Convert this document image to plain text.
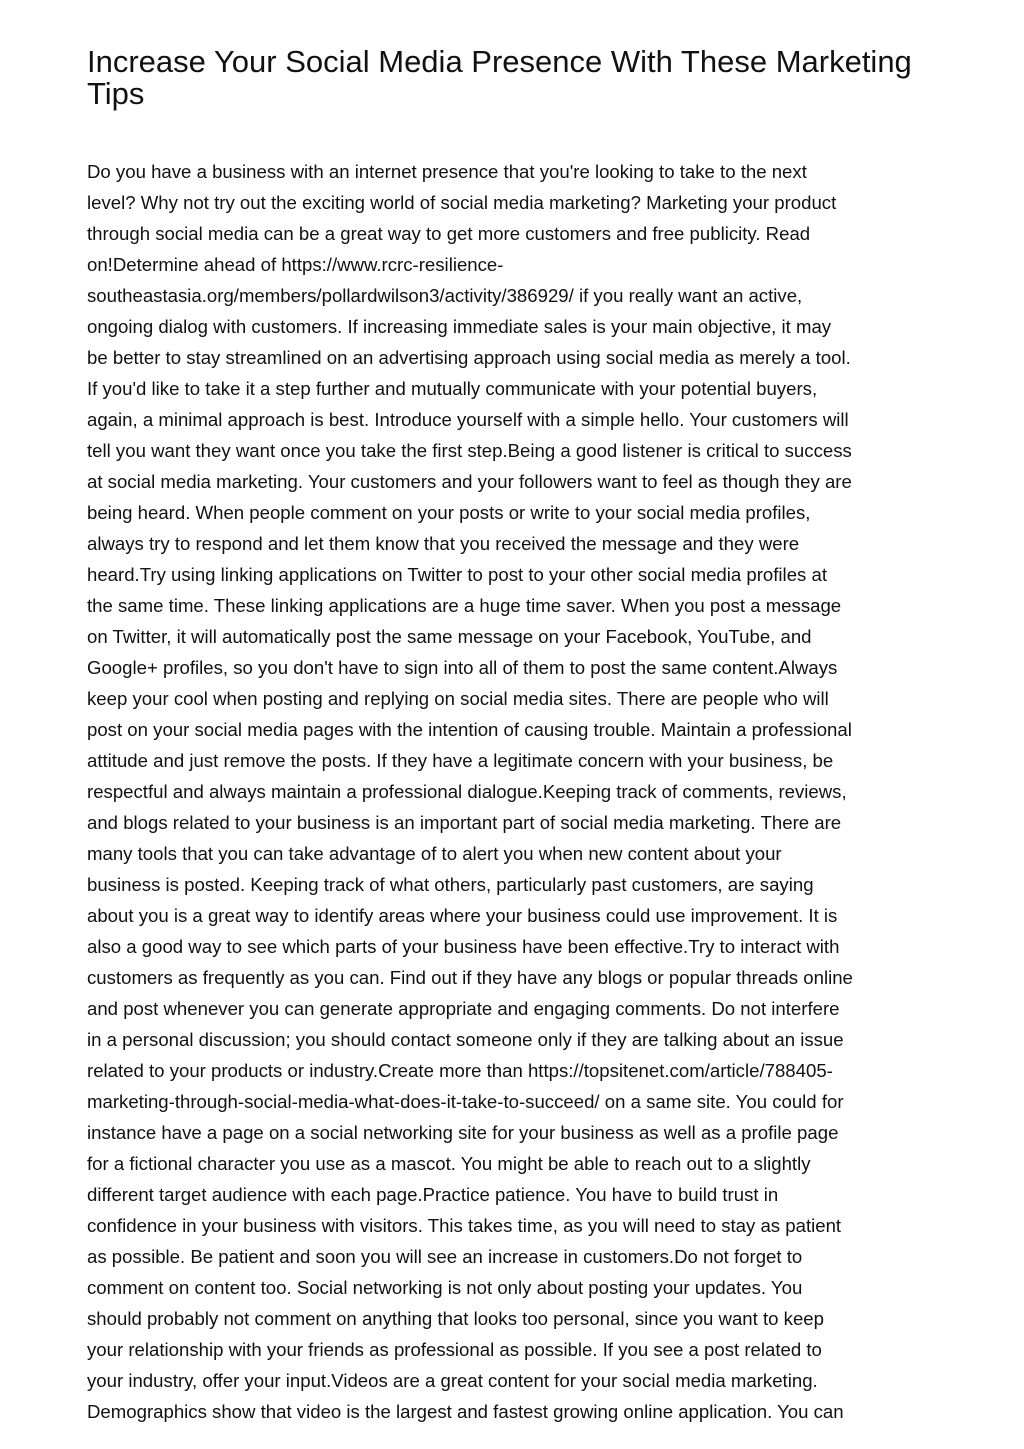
Increase Your Social Media Presence With These Marketing
Tips
Do you have a business with an internet presence that you're looking to take to the next
level? Why not try out the exciting world of social media marketing? Marketing your product
through social media can be a great way to get more customers and free publicity. Read
on!Determine ahead of https://www.rcrc-resilience-
southeastasia.org/members/pollardwilson3/activity/386929/ if you really want an active,
ongoing dialog with customers. If increasing immediate sales is your main objective, it may
be better to stay streamlined on an advertising approach using social media as merely a tool.
If you'd like to take it a step further and mutually communicate with your potential buyers,
again, a minimal approach is best. Introduce yourself with a simple hello. Your customers will
tell you want they want once you take the first step.Being a good listener is critical to success
at social media marketing. Your customers and your followers want to feel as though they are
being heard. When people comment on your posts or write to your social media profiles,
always try to respond and let them know that you received the message and they were
heard.Try using linking applications on Twitter to post to your other social media profiles at
the same time. These linking applications are a huge time saver. When you post a message
on Twitter, it will automatically post the same message on your Facebook, YouTube, and
Google+ profiles, so you don't have to sign into all of them to post the same content.Always
keep your cool when posting and replying on social media sites. There are people who will
post on your social media pages with the intention of causing trouble. Maintain a professional
attitude and just remove the posts. If they have a legitimate concern with your business, be
respectful and always maintain a professional dialogue.Keeping track of comments, reviews,
and blogs related to your business is an important part of social media marketing. There are
many tools that you can take advantage of to alert you when new content about your
business is posted. Keeping track of what others, particularly past customers, are saying
about you is a great way to identify areas where your business could use improvement. It is
also a good way to see which parts of your business have been effective.Try to interact with
customers as frequently as you can. Find out if they have any blogs or popular threads online
and post whenever you can generate appropriate and engaging comments. Do not interfere
in a personal discussion; you should contact someone only if they are talking about an issue
related to your products or industry.Create more than https://topsitenet.com/article/788405-
marketing-through-social-media-what-does-it-take-to-succeed/ on a same site. You could for
instance have a page on a social networking site for your business as well as a profile page
for a fictional character you use as a mascot. You might be able to reach out to a slightly
different target audience with each page.Practice patience. You have to build trust in
confidence in your business with visitors. This takes time, as you will need to stay as patient
as possible. Be patient and soon you will see an increase in customers.Do not forget to
comment on content too. Social networking is not only about posting your updates. You
should probably not comment on anything that looks too personal, since you want to keep
your relationship with your friends as professional as possible. If you see a post related to
your industry, offer your input.Videos are a great content for your social media marketing.
Demographics show that video is the largest and fastest growing online application. You can
